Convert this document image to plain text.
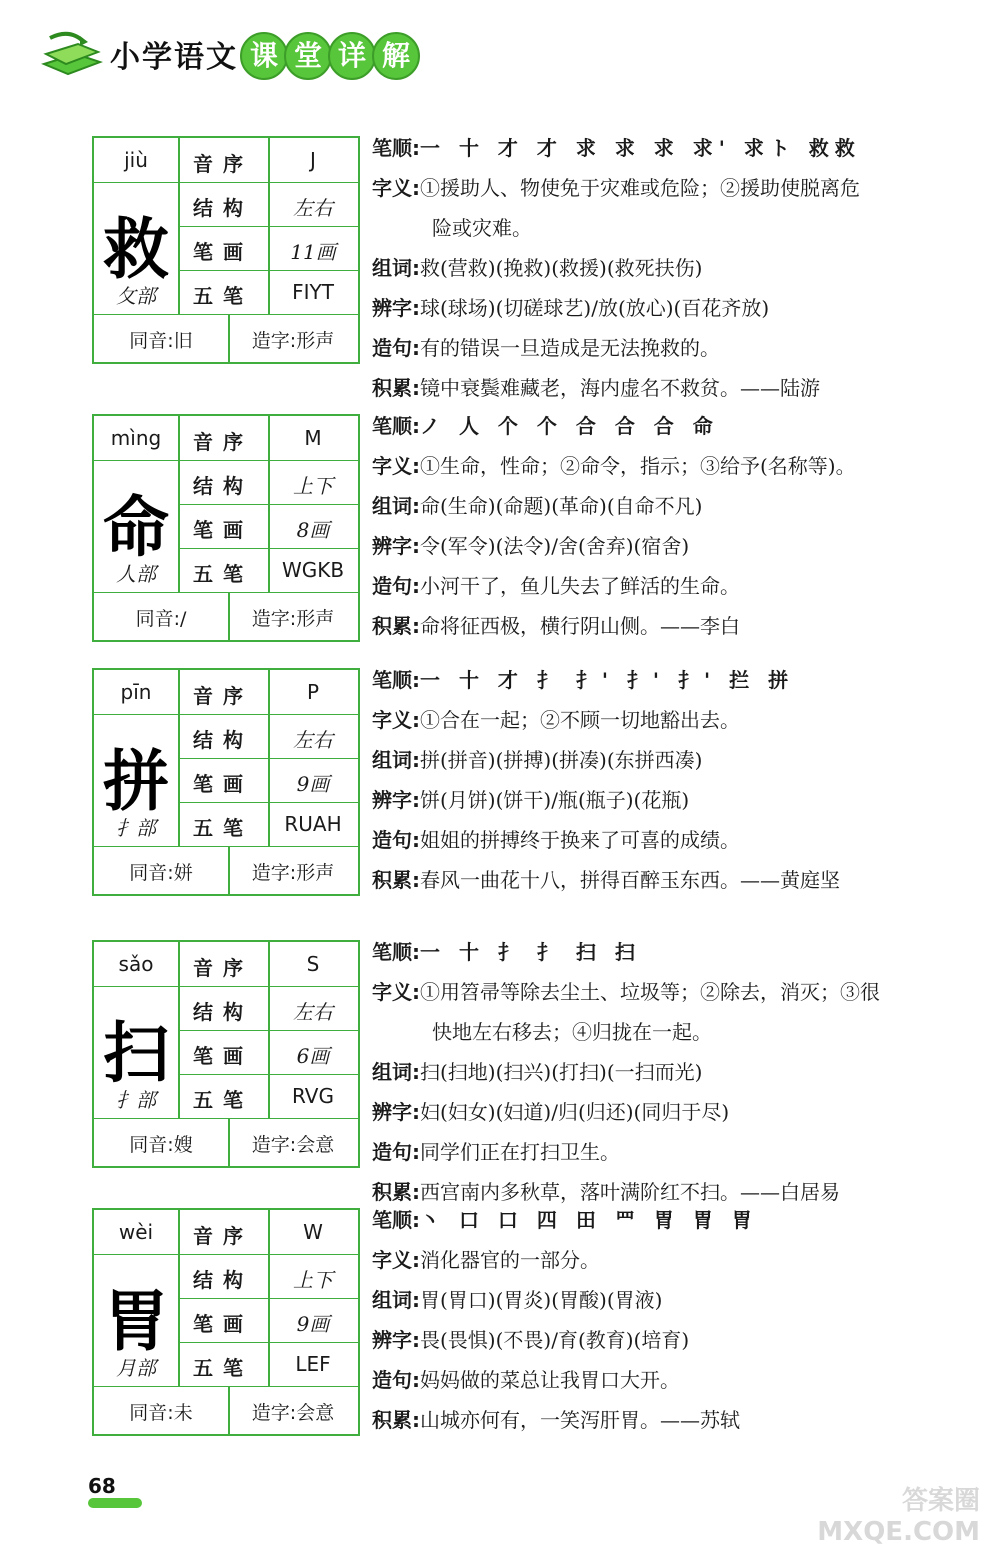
小学语文 课 堂 详 解
jiù	音序	J
救
结构	左右
笔画	11画
攵部	五笔	FIYT
同音:旧	造字:形声
笔顺:一 十 才 才 求 求 求 求' 求ト 救救
字义:①援助人、物使免于灾难或危险；②援助使脱离危
险或灾难。
组词:救(营救)(挽救)(救援)(救死扶伤)
辨字:球(球场)(切磋球艺)/放(放心)(百花齐放)
造句:有的错误一旦造成是无法挽救的。
积累:镜中衰鬓难藏老，海内虚名不救贫。——陆游
mìng	音序	M
命
结构	上下
笔画	8画
人部	五笔	WGKB
同音:/	造字:形声
笔顺:ノ 人 个 个 合 合 合 命
字义:①生命，性命；②命令，指示；③给予(名称等)。
组词:命(生命)(命题)(革命)(自命不凡)
辨字:令(军令)(法令)/舍(舍弃)(宿舍)
造句:小河干了，鱼儿失去了鲜活的生命。
积累:命将征西极，横行阴山侧。——李白
pīn	音序	P
拼
结构	左右
笔画	9画
扌部	五笔	RUAH
同音:姘	造字:形声
笔顺:一 十 才 扌 扌' 扌' 扌' 拦 拼
字义:①合在一起；②不顾一切地豁出去。
组词:拼(拼音)(拼搏)(拼凑)(东拼西凑)
辨字:饼(月饼)(饼干)/瓶(瓶子)(花瓶)
造句:姐姐的拼搏终于换来了可喜的成绩。
积累:春风一曲花十八，拼得百醉玉东西。——黄庭坚
sǎo	音序	S
扫
结构	左右
笔画	6画
扌部	五笔	RVG
同音:嫂	造字:会意
笔顺:一 十 扌 扌 扫 扫
字义:①用笤帚等除去尘土、垃圾等；②除去，消灭；③很
快地左右移去；④归拢在一起。
组词:扫(扫地)(扫兴)(打扫)(一扫而光)
辨字:妇(妇女)(妇道)/归(归还)(同归于尽)
造句:同学们正在打扫卫生。
积累:西宫南内多秋草，落叶满阶红不扫。——白居易
wèi	音序	W
胃
结构	上下
笔画	9画
月部	五笔	LEF
同音:未	造字:会意
笔顺:丶 口 口 四 田 罒 胃 胃 胃
字义:消化器官的一部分。
组词:胃(胃口)(胃炎)(胃酸)(胃液)
辨字:畏(畏惧)(不畏)/育(教育)(培育)
造句:妈妈做的菜总让我胃口大开。
积累:山城亦何有，一笑泻肝胃。——苏轼
68	答案圈 MXQE.COM
